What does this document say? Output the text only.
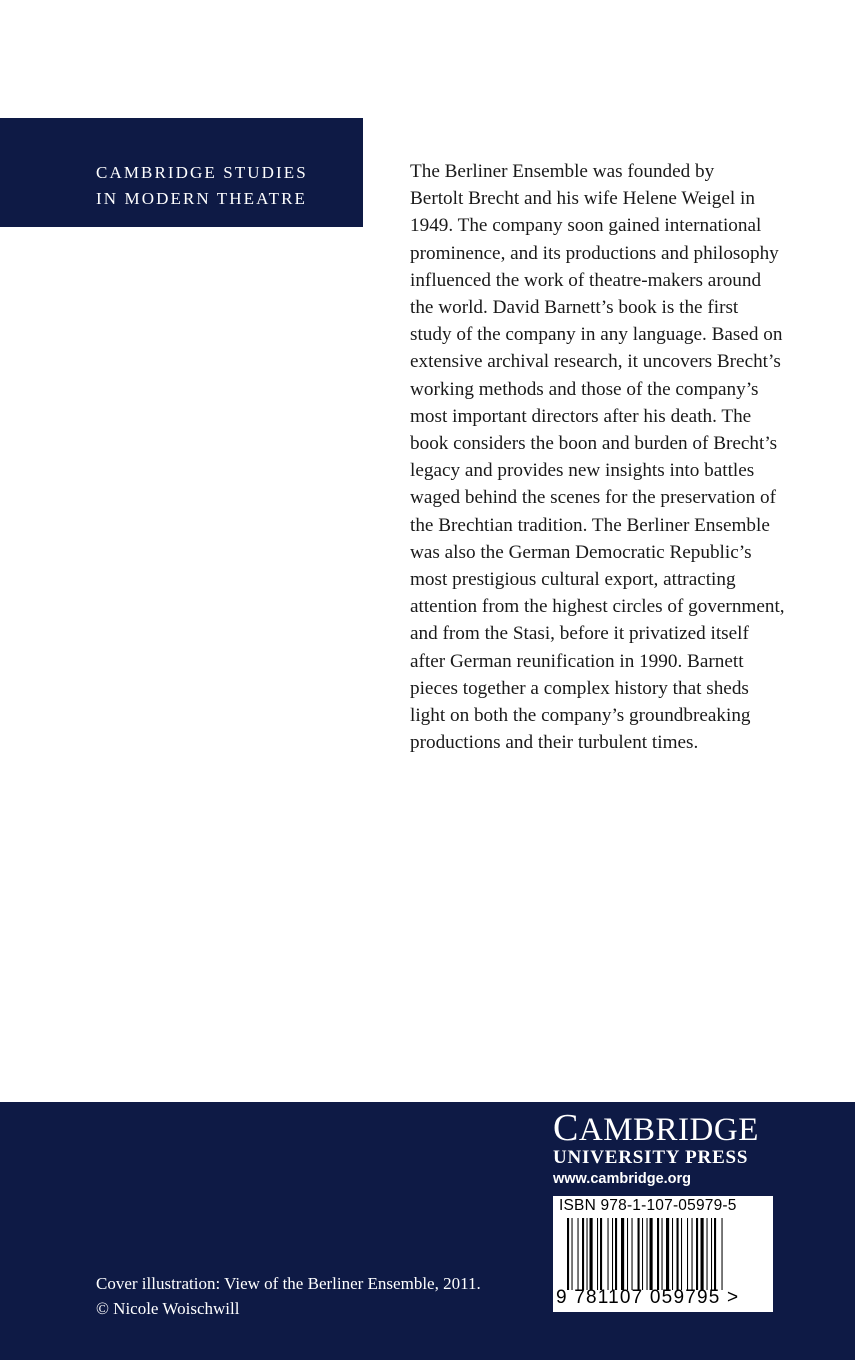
CAMBRIDGE STUDIES
IN MODERN THEATRE

The Berliner Ensemble was founded by
Bertolt Brecht and his wife Helene Weigel in
1949. The company soon gained international
prominence, and its productions and philosophy
influenced the work of theatre-makers around
the world. David Barnett’s book is the first
study of the company in any language. Based on
extensive archival research, it uncovers Brecht’s
working methods and those of the company’s
most important directors after his death. The
book considers the boon and burden of Brecht’s
legacy and provides new insights into battles
waged behind the scenes for the preservation of
the Brechtian tradition. The Berliner Ensemble
was also the German Democratic Republic’s
most prestigious cultural export, attracting
attention from the highest circles of government,
and from the Stasi, before it privatized itself
after German reunification in 1990. Barnett
pieces together a complex history that sheds
light on both the company’s groundbreaking
productions and their turbulent times.

CAMBRIDGE
UNIVERSITY PRESS
www.cambridge.org
ISBN 978-1-107-05979-5
9 781107 059795 >
Cover illustration: View of the Berliner Ensemble, 2011.
© Nicole Woischwill
